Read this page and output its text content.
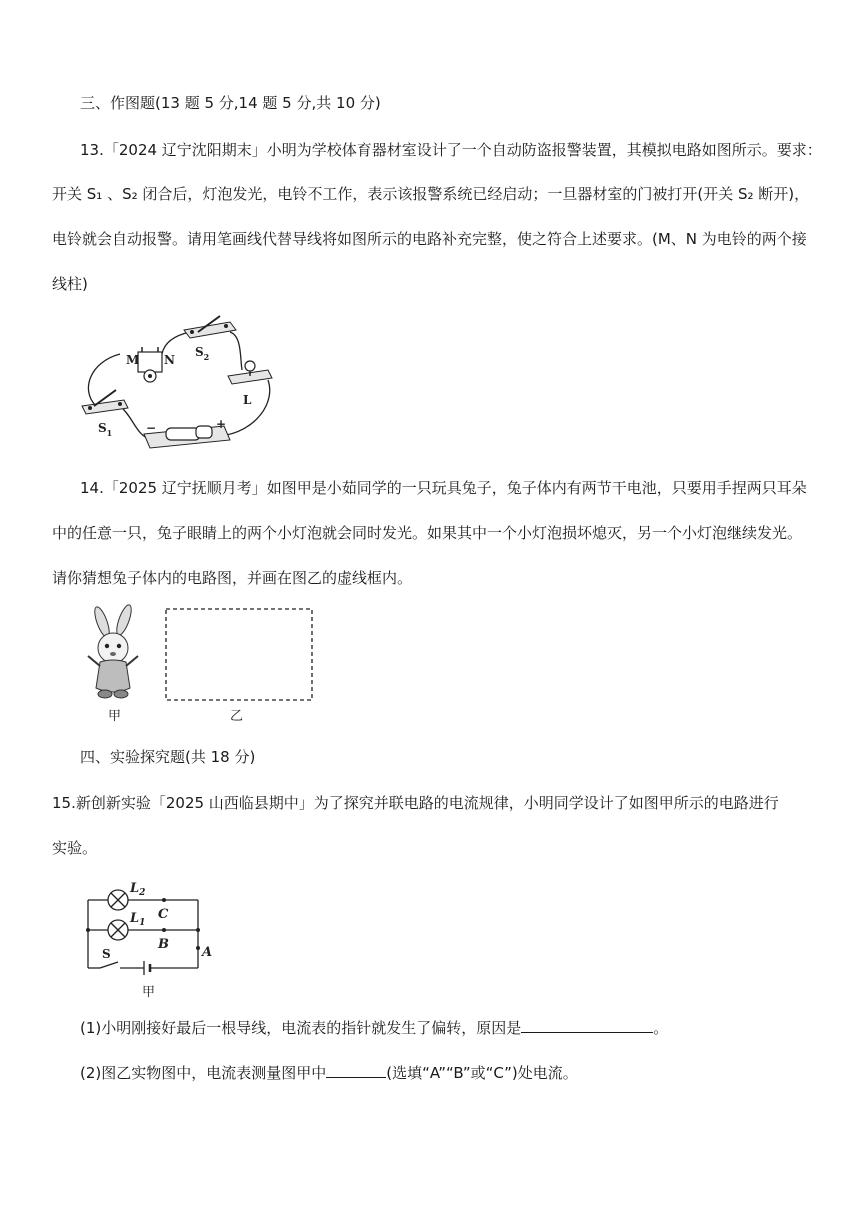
三、作图题(13 题 5 分,14 题 5 分,共 10 分)
13.「2024 辽宁沈阳期末」小明为学校体育器材室设计了一个自动防盗报警装置，其模拟电路如图所示。要求：
开关 S₁ 、S₂ 闭合后，灯泡发光，电铃不工作，表示该报警系统已经启动；一旦器材室的门被打开(开关 S₂ 断开)，
电铃就会自动报警。请用笔画线代替导线将如图所示的电路补充完整，使之符合上述要求。(M、N 为电铃的两个接
线柱)
$S_2$
M N
L
$S_1$	−	+
14.「2025 辽宁抚顺月考」如图甲是小茹同学的一只玩具兔子，兔子体内有两节干电池，只要用手捏两只耳朵
中的任意一只，兔子眼睛上的两个小灯泡就会同时发光。如果其中一个小灯泡损坏熄灭，另一个小灯泡继续发光。
请你猜想兔子体内的电路图，并画在图乙的虚线框内。
甲	乙
四、实验探究题(共 18 分)
15.新创新实验「2025 山西临县期中」为了探究并联电路的电流规律，小明同学设计了如图甲所示的电路进行
实验。
$L_2$
C
$L_1$
B
A
S
甲
(1)小明刚接好最后一根导线，电流表的指针就发生了偏转，原因是	。
(2)图乙实物图中，电流表测量图甲中	(选填“A”“B”或“C”)处电流。
